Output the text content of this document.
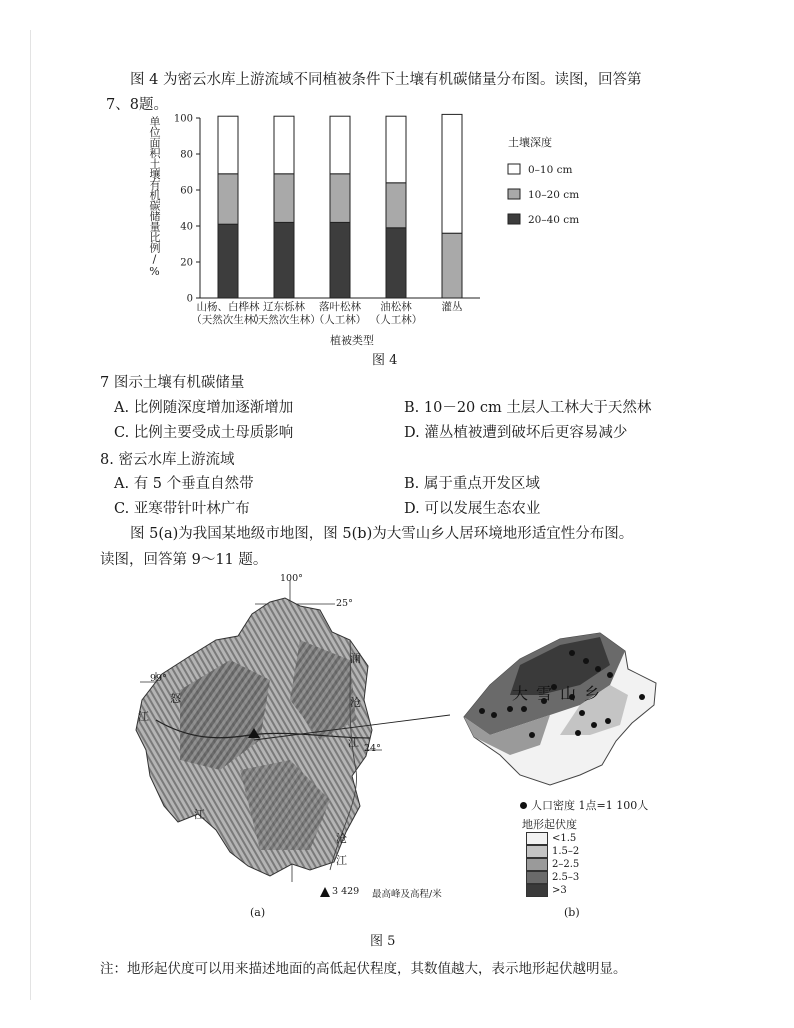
图 4 为密云水库上游流域不同植被条件下土壤有机碳储量分布图。读图，回答第
7、8题。
0
20
40
60
80
100
土壤深度
0–10 cm
10–20 cm
20–40 cm
单位面积土壤有机碳储量比例/%
山杨、白桦林
（天然次生林）
辽东栎林
（天然次生林）
落叶松林
（人工林）
油松林
（人工林）
灌丛
植被类型
图 4
7 图示土壤有机碳储量
A. 比例随深度增加逐渐增加	B. 10－20 cm 土层人工林大于天然林
C. 比例主要受成土母质影响	D. 灌丛植被遭到破坏后更容易减少
8. 密云水库上游流域
A. 有 5 个垂直自然带	B. 属于重点开发区域
C. 亚寒带针叶林广布	D. 可以发展生态农业
图 5(a)为我国某地级市地图，图 5(b)为大雪山乡人居环境地形适宜性分布图。
读图，回答第 9～11 题。
100°
25°
99°
24°
澜
沧
江
怒
江
沧
江
江
3 429 最高峰及高程/米
(a)
大雪山乡
人口密度 1点=1 100人
地形起伏度
<1.5
1.5–2
2–2.5
2.5–3
>3
(b)
图 5
注：地形起伏度可以用来描述地面的高低起伏程度，其数值越大，表示地形起伏越明显。
